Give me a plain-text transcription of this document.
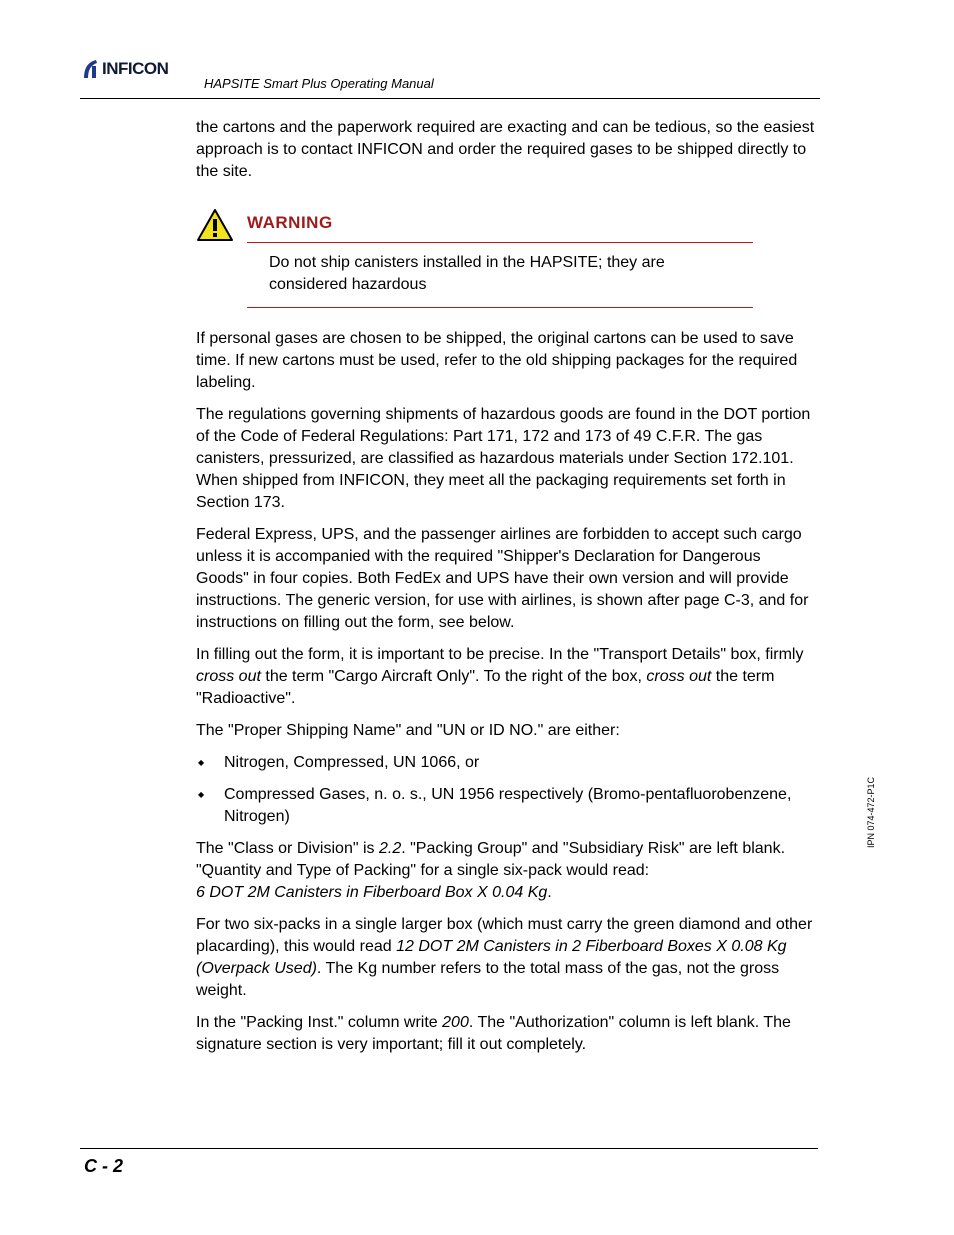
INFICON
HAPSITE Smart Plus Operating Manual

the cartons and the paperwork required are exacting and can be tedious, so the easiest approach is to contact INFICON and order the required gases to be shipped directly to the site.

WARNING
Do not ship canisters installed in the HAPSITE; they are considered hazardous

If personal gases are chosen to be shipped, the original cartons can be used to save time. If new cartons must be used, refer to the old shipping packages for the required labeling.

The regulations governing shipments of hazardous goods are found in the DOT portion of the Code of Federal Regulations: Part 171, 172 and 173 of 49 C.F.R. The gas canisters, pressurized, are classified as hazardous materials under Section 172.101. When shipped from INFICON, they meet all the packaging requirements set forth in Section 173.

Federal Express, UPS, and the passenger airlines are forbidden to accept such cargo unless it is accompanied with the required "Shipper's Declaration for Dangerous Goods" in four copies. Both FedEx and UPS have their own version and will provide instructions. The generic version, for use with airlines, is shown after page C-3, and for instructions on filling out the form, see below.

In filling out the form, it is important to be precise. In the "Transport Details" box, firmly cross out the term "Cargo Aircraft Only". To the right of the box, cross out the term "Radioactive".

The "Proper Shipping Name" and "UN or ID NO." are either:

◆ Nitrogen, Compressed, UN 1066, or

◆ Compressed Gases, n. o. s., UN 1956 respectively (Bromo-pentafluorobenzene, Nitrogen)

The "Class or Division" is 2.2. "Packing Group" and "Subsidiary Risk" are left blank. "Quantity and Type of Packing" for a single six-pack would read:
6 DOT 2M Canisters in Fiberboard Box X 0.04 Kg.

For two six-packs in a single larger box (which must carry the green diamond and other placarding), this would read 12 DOT 2M Canisters in 2 Fiberboard Boxes X 0.08 Kg (Overpack Used). The Kg number refers to the total mass of the gas, not the gross weight.

In the "Packing Inst." column write 200. The "Authorization" column is left blank. The signature section is very important; fill it out completely.

IPN 074-472-P1C
C - 2
